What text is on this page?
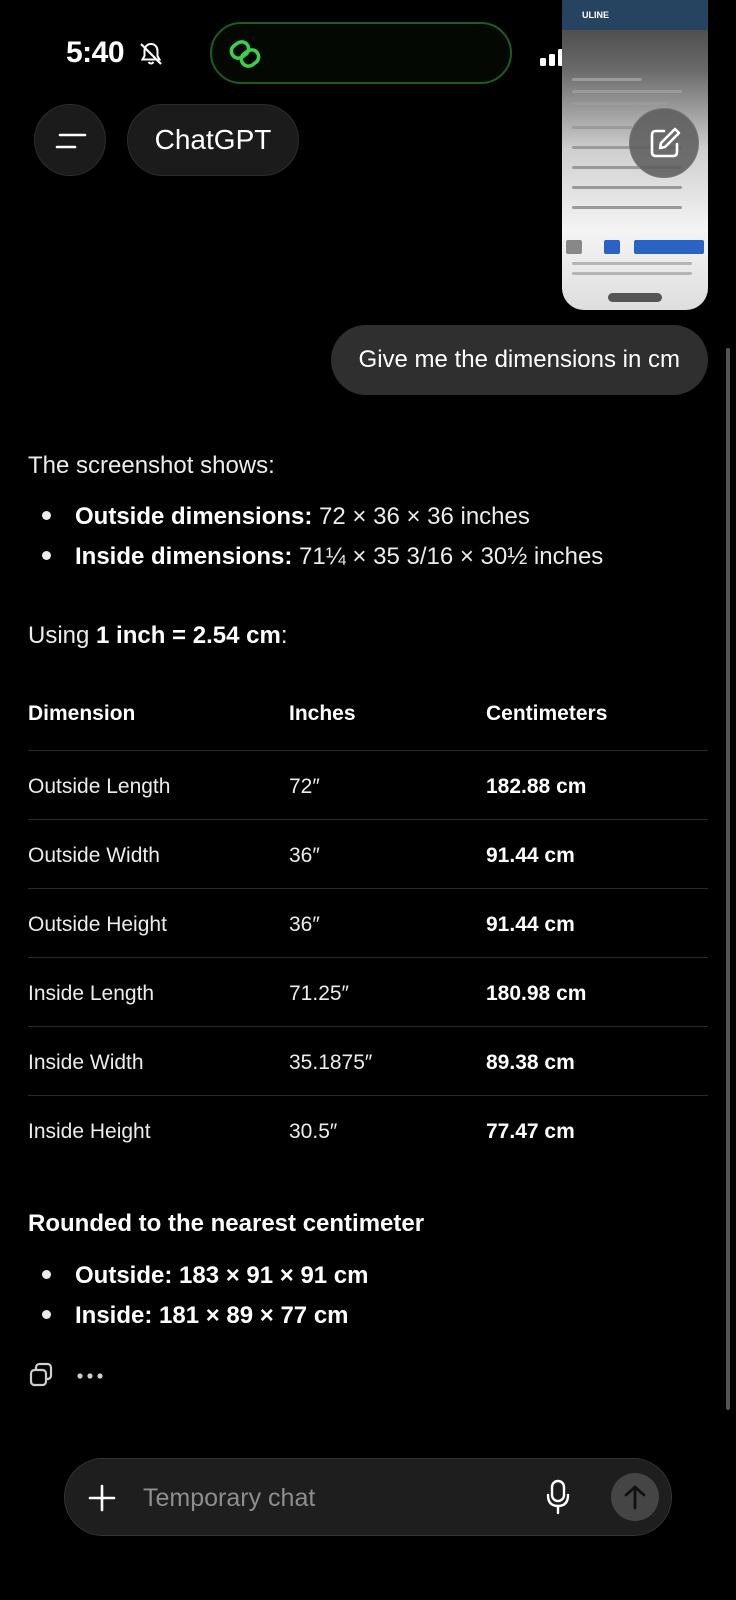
5:40
ULINE
ChatGPT
Give me the dimensions in cm
The screenshot shows:
Outside dimensions: 72 × 36 × 36 inches
Inside dimensions: 71¼ × 35 3/16 × 30½ inches
Using 1 inch = 2.54 cm:
Dimension	Inches	Centimeters
Outside Length	72″	182.88 cm
Outside Width	36″	91.44 cm
Outside Height	36″	91.44 cm
Inside Length	71.25″	180.98 cm
Inside Width	35.1875″	89.38 cm
Inside Height	30.5″	77.47 cm
Rounded to the nearest centimeter
Outside: 183 × 91 × 91 cm
Inside: 181 × 89 × 77 cm
Temporary chat
